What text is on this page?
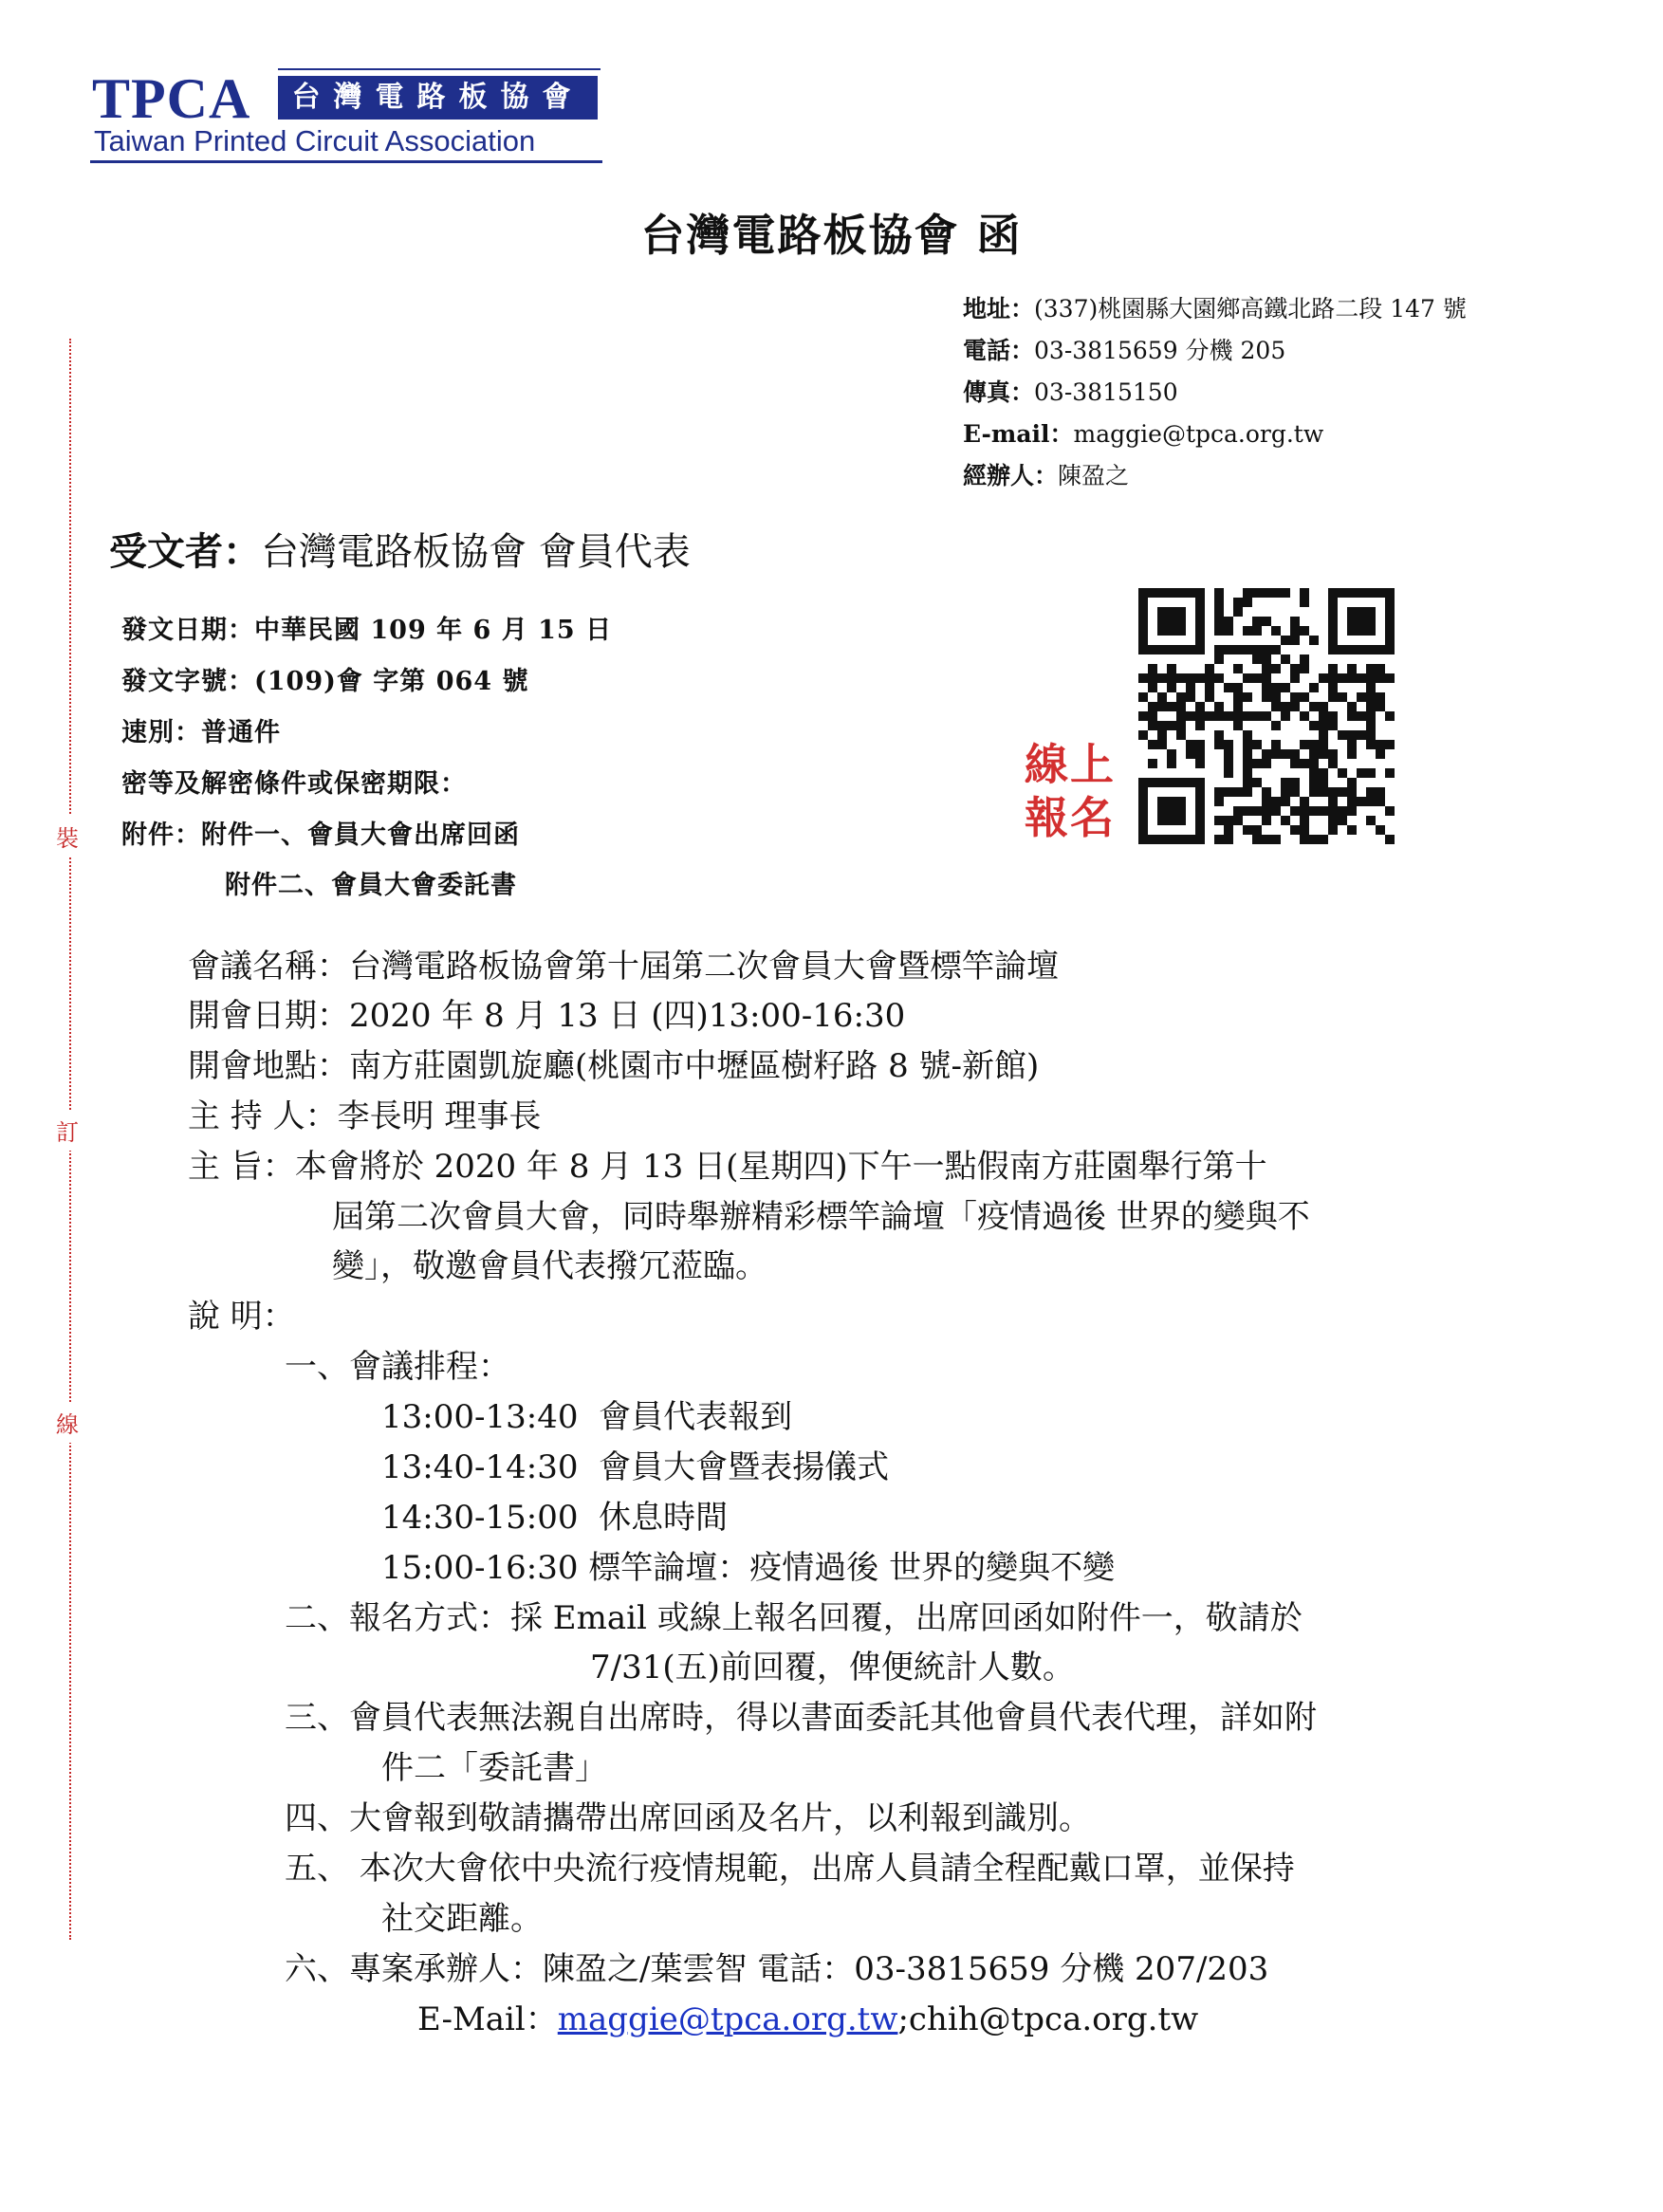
TPCA	台灣電路板協會
Taiwan Printed Circuit Association
台灣電路板協會 函
地址：(337)桃園縣大園鄉高鐵北路二段 147 號
電話：03-3815659 分機 205
傳真：03-3815150
E-mail：maggie@tpca.org.tw
經辦人：陳盈之
裝
訂
線
受文者：台灣電路板協會 會員代表
發文日期：中華民國 109 年 6 月 15 日
發文字號：(109)會 字第 064 號
速別：普通件
密等及解密條件或保密期限：
附件：附件一、會員大會出席回函
附件二、會員大會委託書
線上
報名
會議名稱：台灣電路板協會第十屆第二次會員大會暨標竿論壇
開會日期：2020 年 8 月 13 日 (四)13:00-16:30
開會地點：南方莊園凱旋廳(桃園市中壢區樹籽路 8 號-新館)
主 持 人：李長明 理事長
主 旨：本會將於 2020 年 8 月 13 日(星期四)下午一點假南方莊園舉行第十
屆第二次會員大會，同時舉辦精彩標竿論壇「疫情過後 世界的變與不
變」，敬邀會員代表撥冗蒞臨。
說 明：
一、會議排程：
13:00-13:40 會員代表報到
13:40-14:30 會員大會暨表揚儀式
14:30-15:00 休息時間
15:00-16:30 標竿論壇：疫情過後 世界的變與不變
二、報名方式：採 Email 或線上報名回覆，出席回函如附件一，敬請於
7/31(五)前回覆，俾便統計人數。
三、會員代表無法親自出席時，得以書面委託其他會員代表代理，詳如附
件二「委託書」
四、大會報到敬請攜帶出席回函及名片，以利報到識別。
五、 本次大會依中央流行疫情規範，出席人員請全程配戴口罩，並保持
社交距離。
六、專案承辦人：陳盈之/葉雲智 電話：03-3815659 分機 207/203
E-Mail：maggie@tpca.org.tw;chih@tpca.org.tw
